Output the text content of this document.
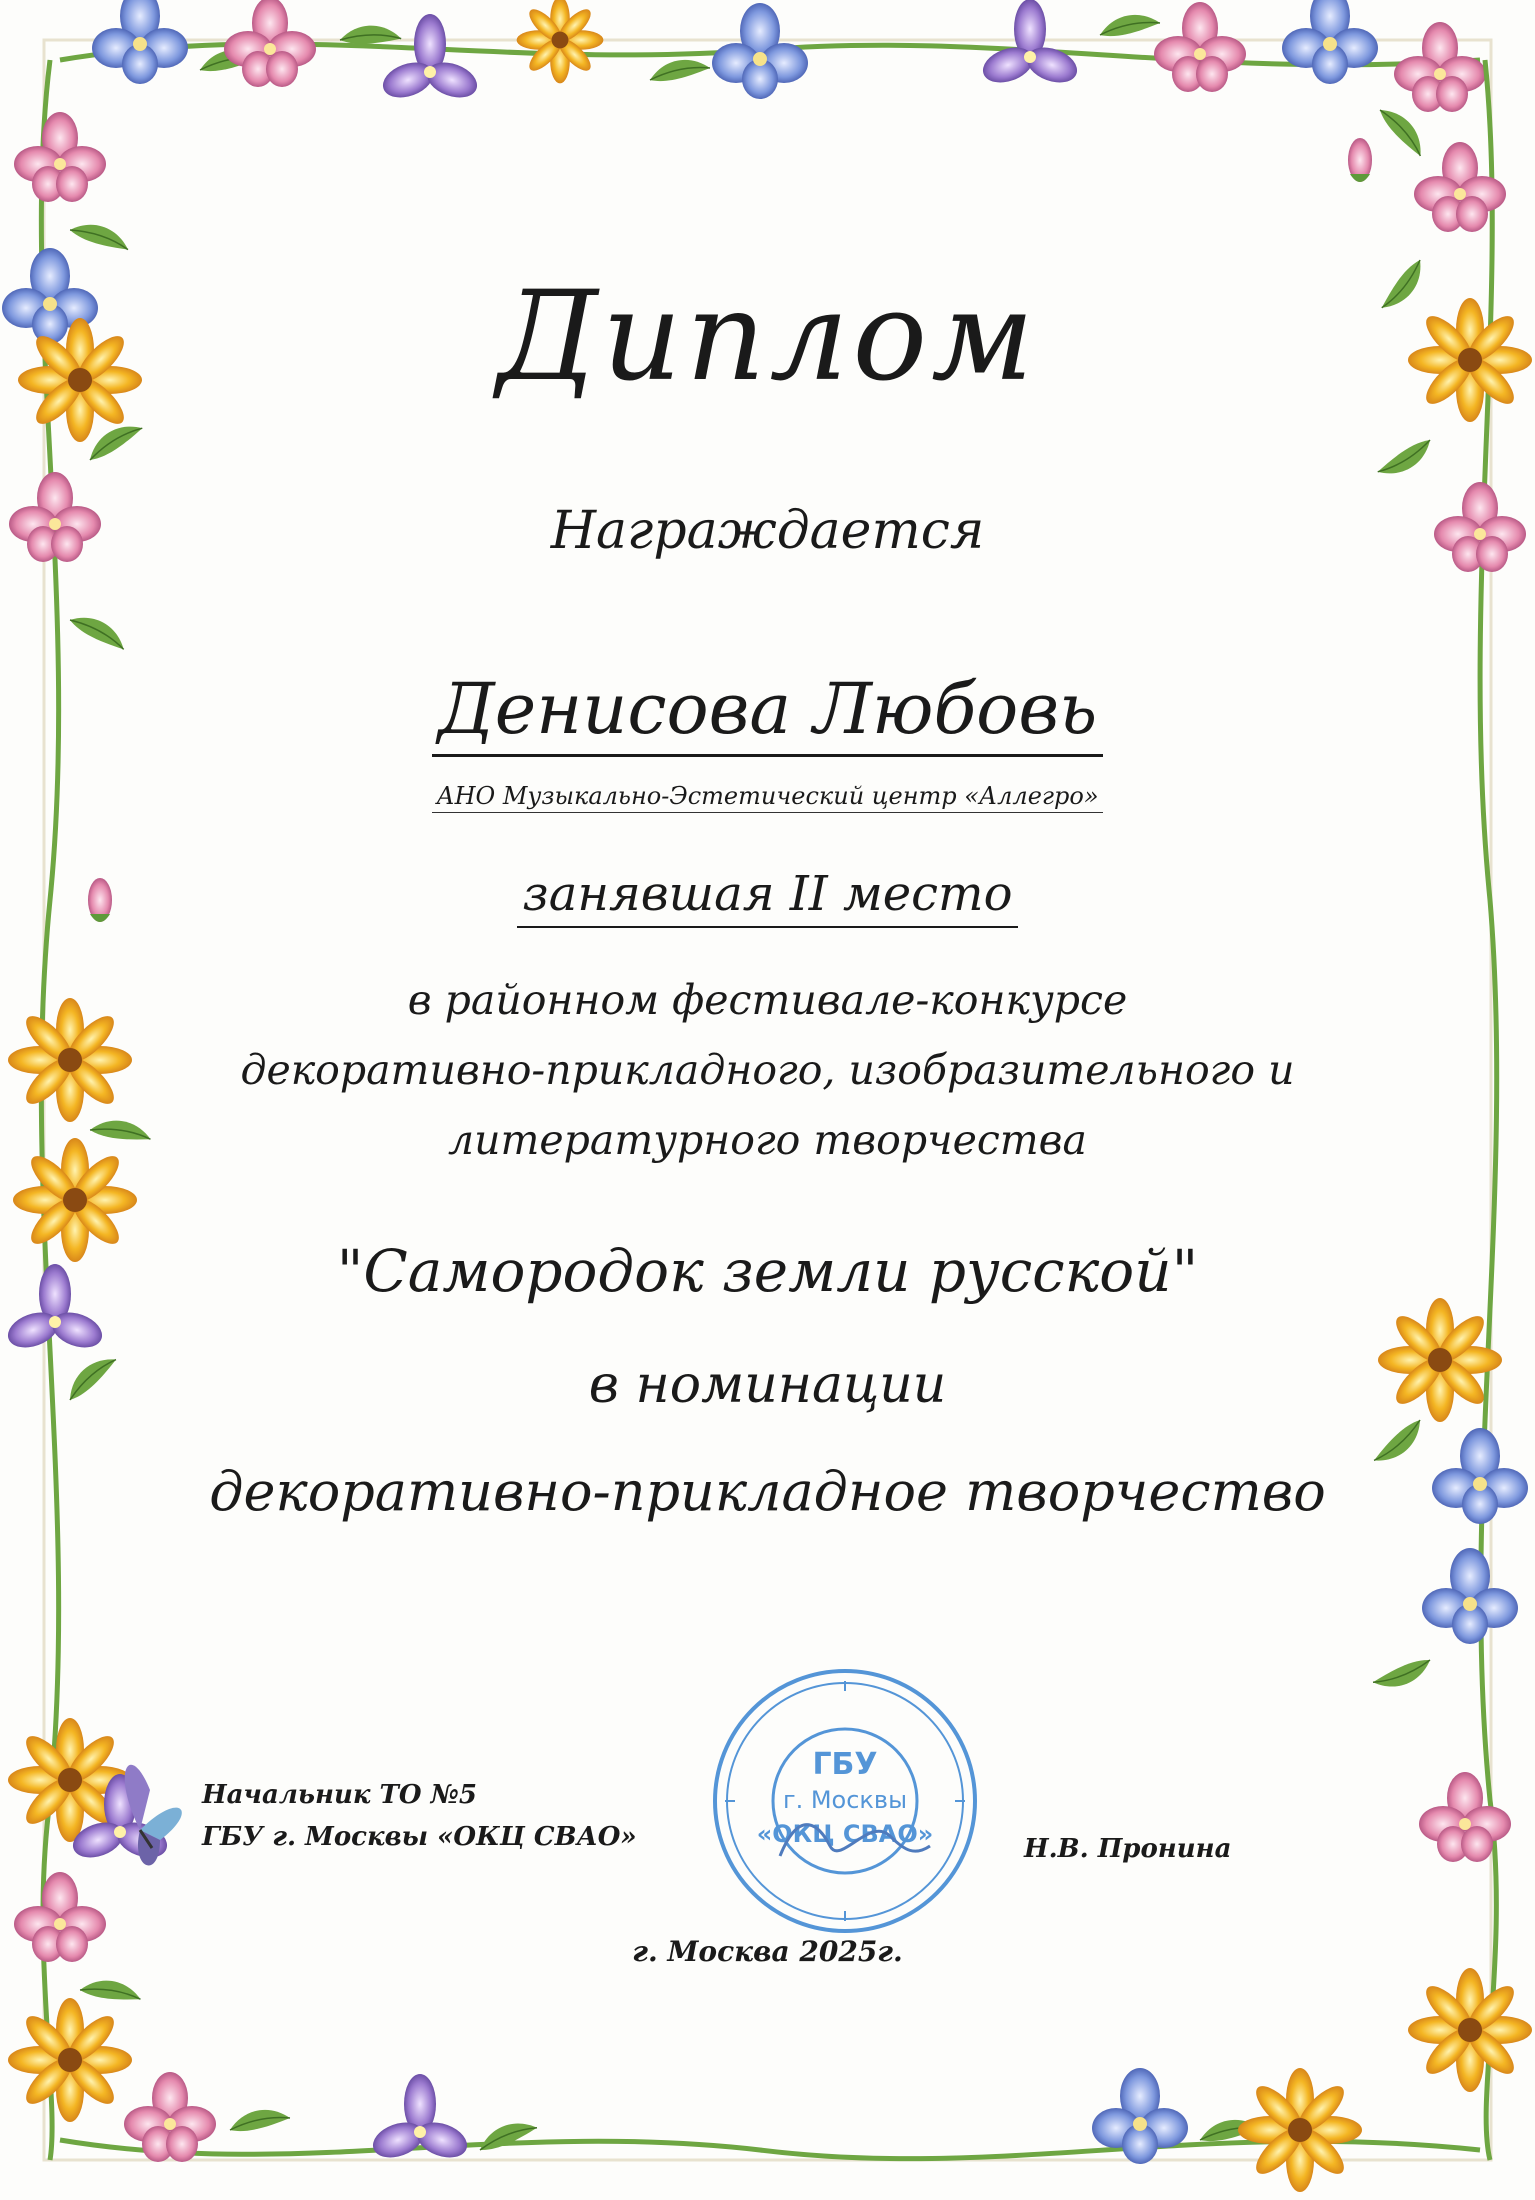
Диплом
Награждается
Денисова Любовь
АНО Музыкально-Эстетический центр «Аллегро»
занявшая II место
в районном фестивале-конкурсе
декоративно-прикладного, изобразительного и
литературного творчества
"Самородок земли русской"
в номинации
декоративно-прикладное творчество
Начальник ТО №5
ГБУ г. Москвы «ОКЦ СВАО»	Н.В. Пронина
ГБУ
г. Москвы
«ОКЦ СВАО»
г. Москва 2025г.
